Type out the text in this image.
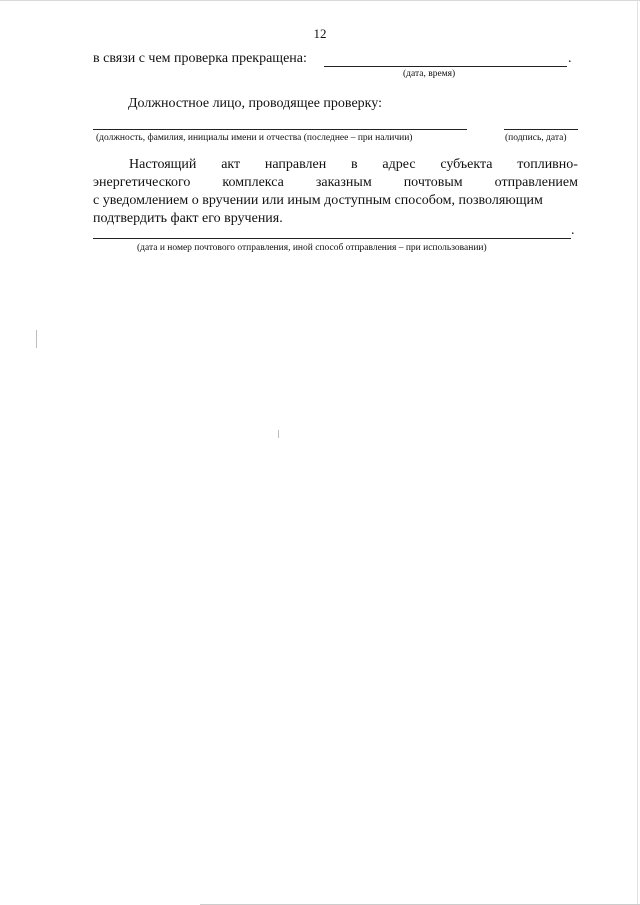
12
в связи с чем проверка прекращена:	.
(дата, время)
Должностное лицо, проводящее проверку:
(должность, фамилия, инициалы имени и отчества (последнее – при наличии)	(подпись, дата)
Настоящий акт направлен в адрес субъекта топливно-
энергетического комплекса заказным почтовым отправлением
с уведомлением о вручении или иным доступным способом, позволяющим
подтвердить факт его вручения.
.
(дата и номер почтового отправления, иной способ отправления – при использовании)
